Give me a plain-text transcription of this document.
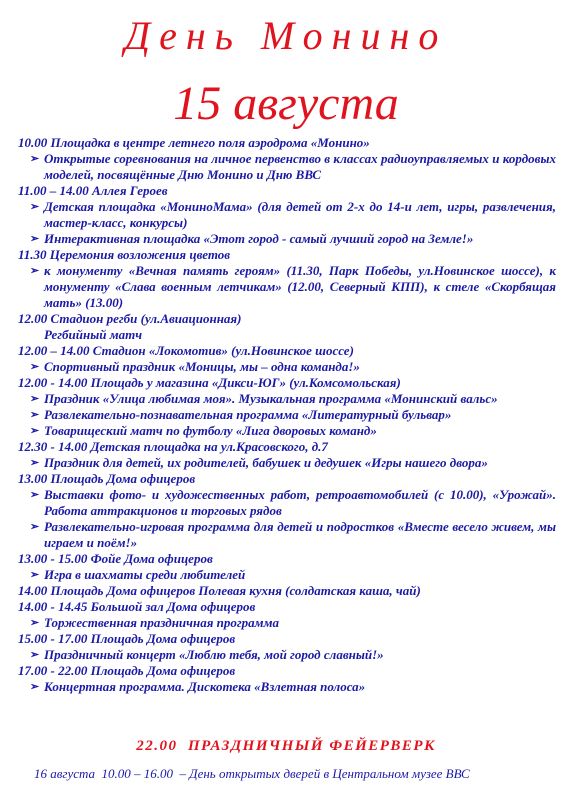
День Монино
15 августа
10.00 Площадка в центре летнего поля аэродрома «Монино»
➢ Открытые соревнования на личное первенство в классах радиоуправляемых и кордовых моделей, посвящённые Дню Монино и Дню ВВС
11.00 – 14.00 Аллея Героев
➢ Детская площадка «МониноМама» (для детей от 2-х до 14-и лет, игры, развлечения, мастер-класс, конкурсы)
➢ Интерактивная площадка «Этот город - самый лучший город на Земле!»
11.30 Церемония возложения цветов
➢ к монументу «Вечная память героям» (11.30, Парк Победы, ул.Новинское шоссе), к монументу «Слава военным летчикам» (12.00, Северный КПП), к стеле «Скорбящая мать» (13.00)
12.00 Стадион регби (ул.Авиационная)
Регбийный матч
12.00 – 14.00 Стадион «Локомотив» (ул.Новинское шоссе)
➢ Спортивный праздник «Моницы, мы – одна команда!»
12.00 - 14.00 Площадь у магазина «Дикси-ЮГ» (ул.Комсомольская)
➢ Праздник «Улица любимая моя». Музыкальная программа «Монинский вальс»
➢ Развлекательно-познавательная программа «Литературный бульвар»
➢ Товарищеский матч по футболу «Лига дворовых команд»
12.30 - 14.00 Детская площадка на ул.Красовского, д.7
➢ Праздник для детей, их родителей, бабушек и дедушек «Игры нашего двора»
13.00 Площадь Дома офицеров
➢ Выставки фото- и художественных работ, ретроавтомобилей (с 10.00), «Урожай». Работа аттракционов и торговых рядов
➢ Развлекательно-игровая программа для детей и подростков «Вместе весело живем, мы играем и поём!»
13.00 - 15.00 Фойе Дома офицеров
➢ Игра в шахматы среди любителей
14.00 Площадь Дома офицеров Полевая кухня (солдатская каша, чай)
14.00 - 14.45 Большой зал Дома офицеров
➢ Торжественная праздничная программа
15.00 - 17.00 Площадь Дома офицеров
➢ Праздничный концерт «Люблю тебя, мой город славный!»
17.00 - 22.00 Площадь Дома офицеров
➢ Концертная программа. Дискотека «Взлетная полоса»
22.00  ПРАЗДНИЧНЫЙ ФЕЙЕРВЕРК
16 августа  10.00 – 16.00  – День открытых дверей в Центральном музее ВВС
